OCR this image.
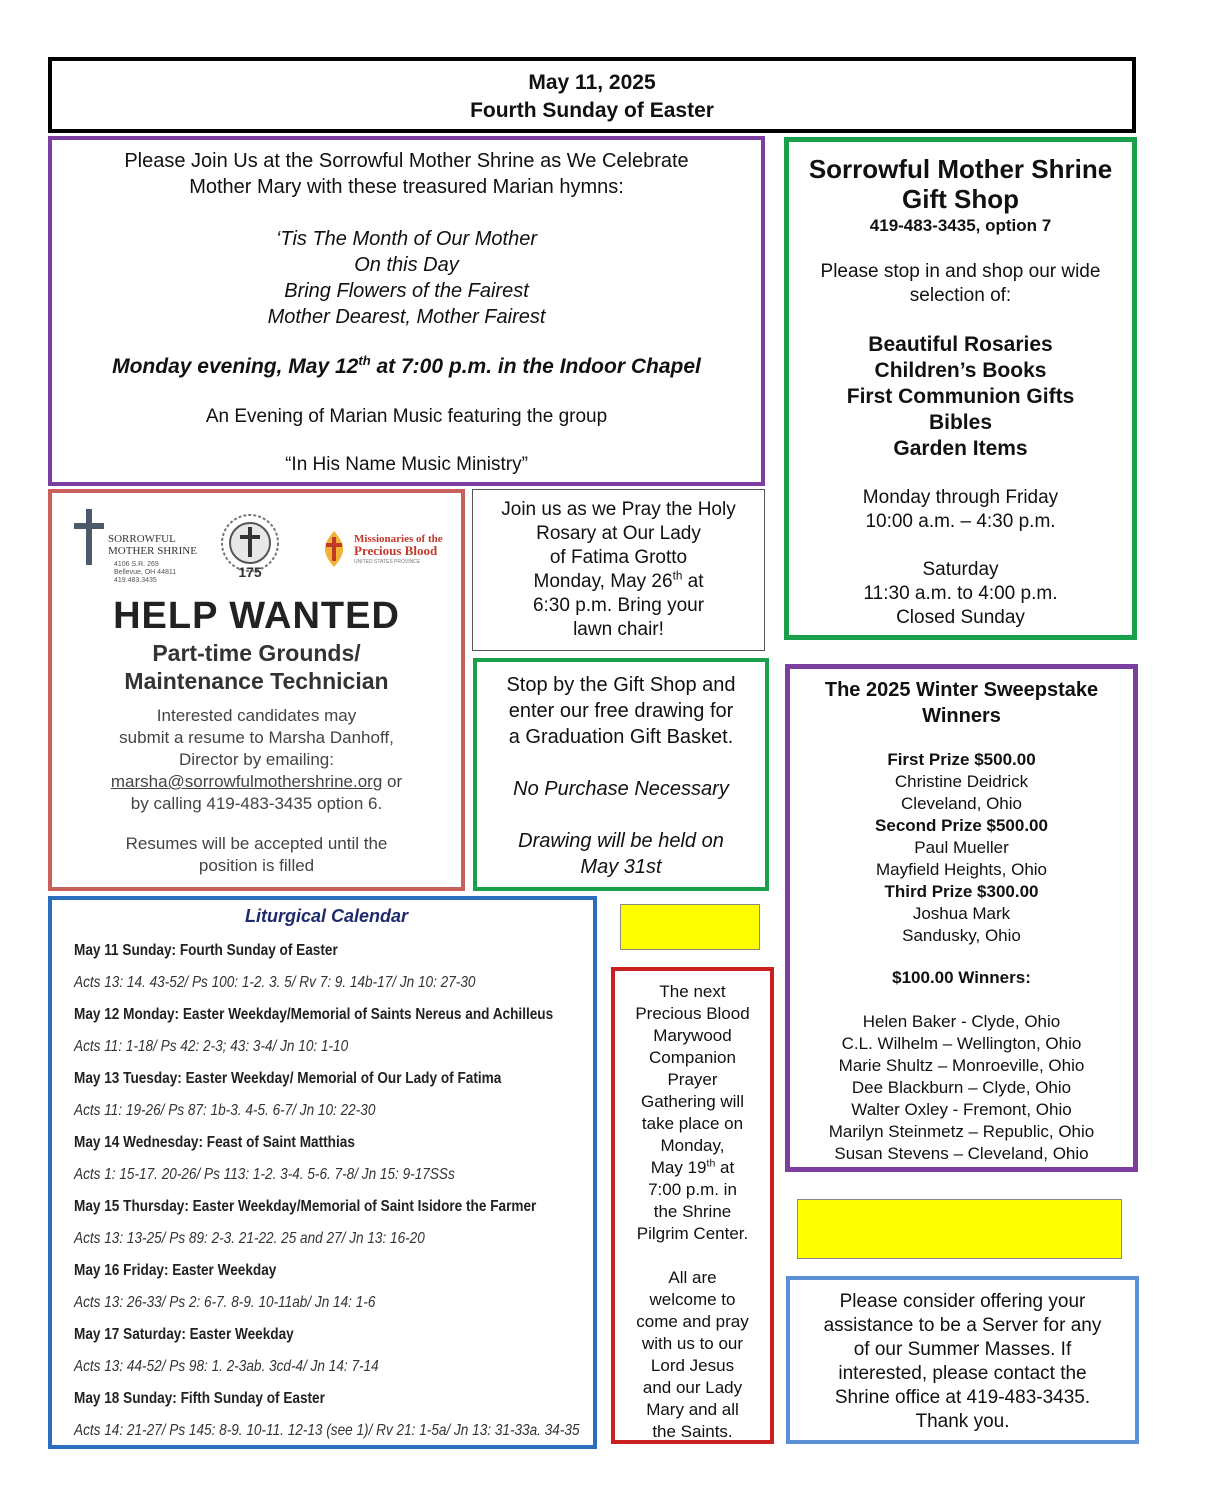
May 11, 2025

Fourth Sunday of Easter

Please Join Us at the Sorrowful Mother Shrine as We Celebrate

Mother Mary with these treasured Marian hymns:

‘Tis The Month of Our Mother

On this Day

Bring Flowers of the Fairest

Mother Dearest, Mother Fairest

Monday evening, May 12th at 7:00 p.m. in the Indoor Chapel

An Evening of Marian Music featuring the group

“In His Name Music Ministry”

Sorrowful Mother Shrine

Gift Shop

419-483-3435, option 7

Please stop in and shop our wide selection of:

Beautiful Rosaries

Children’s Books

First Communion Gifts

Bibles

Garden Items

Monday through Friday

10:00 a.m. – 4:30 p.m.

Saturday

11:30 a.m. to 4:00 p.m.

Closed Sunday

SORROWFUL
MOTHER SHRINE
4106 S.R. 269
Bellevue, OH 44811
419.483.3435
175
Missionaries of the
Precious Blood
UNITED STATES PROVINCE
HELP WANTED
Part-time Grounds/
Maintenance Technician
Interested candidates may
submit a resume to Marsha Danhoff,
Director by emailing:
marsha@sorrowfulmothershrine.org or
by calling 419-483-3435 option 6.
Resumes will be accepted until the
position is filled

Join us as we Pray the Holy

Rosary at Our Lady

of Fatima Grotto

Monday, May 26th at

6:30 p.m. Bring your

lawn chair!

Stop by the Gift Shop and

enter our free drawing for

a Graduation Gift Basket.

No Purchase Necessary

Drawing will be held on

May 31st

Liturgical Calendar
May 11 Sunday: Fourth Sunday of Easter
Acts 13: 14. 43-52/ Ps 100: 1-2. 3. 5/ Rv 7: 9. 14b-17/ Jn 10: 27-30
May 12 Monday: Easter Weekday/Memorial of Saints Nereus and Achilleus
Acts 11: 1-18/ Ps 42: 2-3; 43: 3-4/ Jn 10: 1-10
May 13 Tuesday: Easter Weekday/ Memorial of Our Lady of Fatima
Acts 11: 19-26/ Ps 87: 1b-3. 4-5. 6-7/ Jn 10: 22-30
May 14 Wednesday: Feast of Saint Matthias
Acts 1: 15-17. 20-26/ Ps 113: 1-2. 3-4. 5-6. 7-8/ Jn 15: 9-17SSs
May 15 Thursday: Easter Weekday/Memorial of Saint Isidore the Farmer
Acts 13: 13-25/ Ps 89: 2-3. 21-22. 25 and 27/ Jn 13: 16-20
May 16 Friday: Easter Weekday
Acts 13: 26-33/ Ps 2: 6-7. 8-9. 10-11ab/ Jn 14: 1-6
May 17 Saturday: Easter Weekday
Acts 13: 44-52/ Ps 98: 1. 2-3ab. 3cd-4/ Jn 14: 7-14
May 18 Sunday: Fifth Sunday of Easter
Acts 14: 21-27/ Ps 145: 8-9. 10-11. 12-13 (see 1)/ Rv 21: 1-5a/ Jn 13: 31-33a. 34-35

The next

Precious Blood

Marywood

Companion

Prayer

Gathering will

take place on

Monday,

May 19th at

7:00 p.m. in

the Shrine

Pilgrim Center.

All are

welcome to

come and pray

with us to our

Lord Jesus

and our Lady

Mary and all

the Saints.

The 2025 Winter Sweepstake

Winners

First Prize $500.00

Christine Deidrick

Cleveland, Ohio

Second Prize $500.00

Paul Mueller

Mayfield Heights, Ohio

Third Prize $300.00

Joshua Mark

Sandusky, Ohio

$100.00 Winners:

Helen Baker - Clyde, Ohio

C.L. Wilhelm – Wellington, Ohio

Marie Shultz – Monroeville, Ohio

Dee Blackburn – Clyde, Ohio

Walter Oxley - Fremont, Ohio

Marilyn Steinmetz – Republic, Ohio

Susan Stevens – Cleveland, Ohio

Please consider offering your

assistance to be a Server for any

of our Summer Masses. If

interested, please contact the

Shrine office at 419-483-3435.

Thank you.
